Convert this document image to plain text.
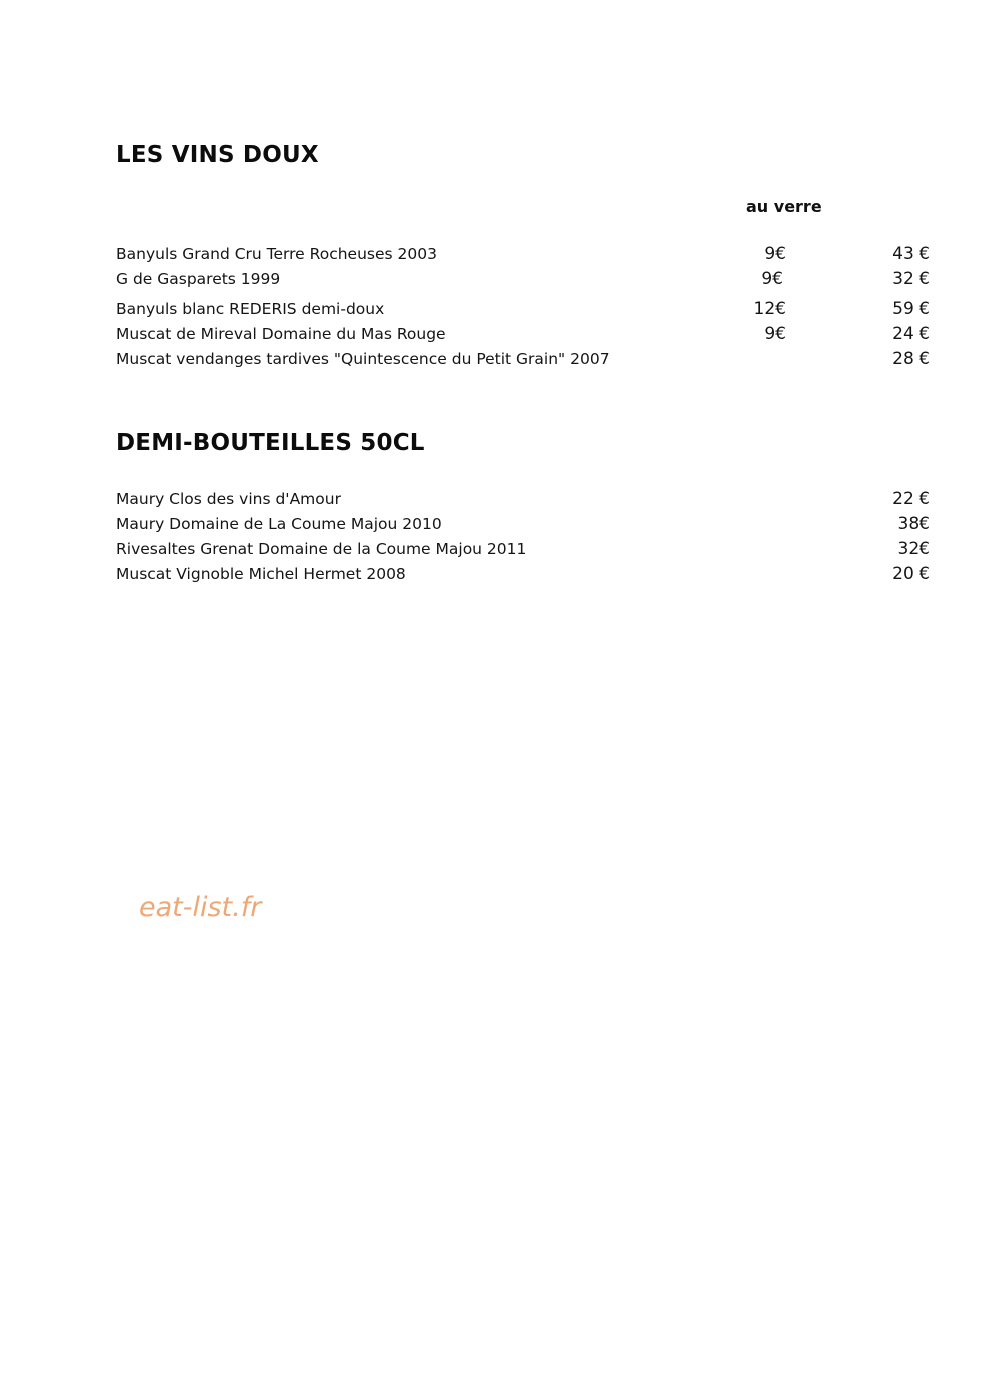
LES VINS DOUX
au verre
Banyuls Grand Cru Terre Rocheuses 2003	9€	43 €
G de Gasparets 1999	9€	32 €
Banyuls blanc REDERIS demi-doux	12€	59 €
Muscat de Mireval Domaine du Mas Rouge	9€	24 €
Muscat vendanges tardives "Quintescence du Petit Grain" 2007	28 €
DEMI-BOUTEILLES 50CL
Maury Clos des vins d'Amour	22 €
Maury Domaine de La Coume Majou 2010	38€
Rivesaltes Grenat Domaine de la Coume Majou 2011	32€
Muscat Vignoble Michel Hermet 2008	20 €
eat-list.fr
